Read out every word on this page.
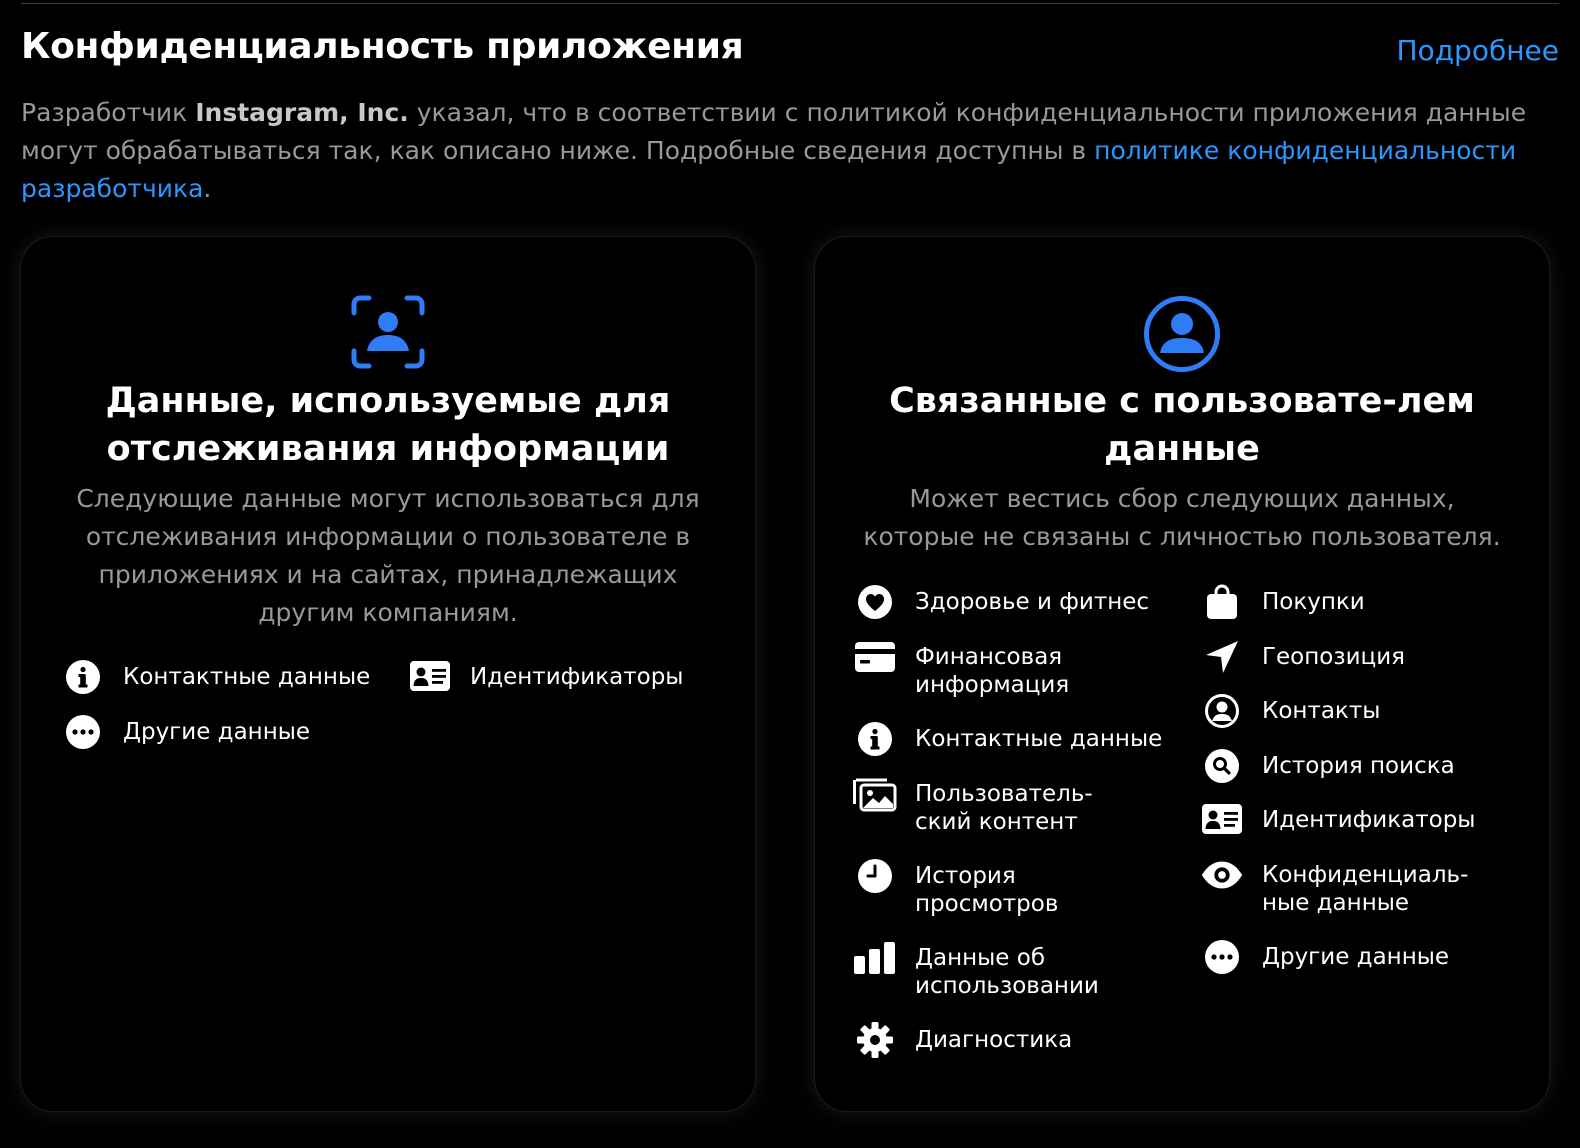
Конфиденциальность приложения	Подробнее

Разработчик Instagram, Inc. указал, что в соответствии с политикой конфиденциальности приложения данные могут обрабатываться так, как описано ниже. Подробные сведения доступны в политике конфиденциальности разработчика.

Данные, используемые для отслеживания информации

Следующие данные могут использоваться для отслеживания информации о пользователе в приложениях и на сайтах, принадлежащих другим компаниям.

Контактные данные	Идентификаторы
Другие данные
Связанные с пользовате-лем данные

Может вестись сбор следующих данных, которые не связаны с личностью пользователя.

Здоровье и фитнес
Финансовая информация
Контактные данные
Пользователь-ский контент
История просмотров
Данные об использовании
Диагностика
Покупки
Геопозиция
Контакты
История поиска
Идентификаторы
Конфиденциаль-ные данные
Другие данные
